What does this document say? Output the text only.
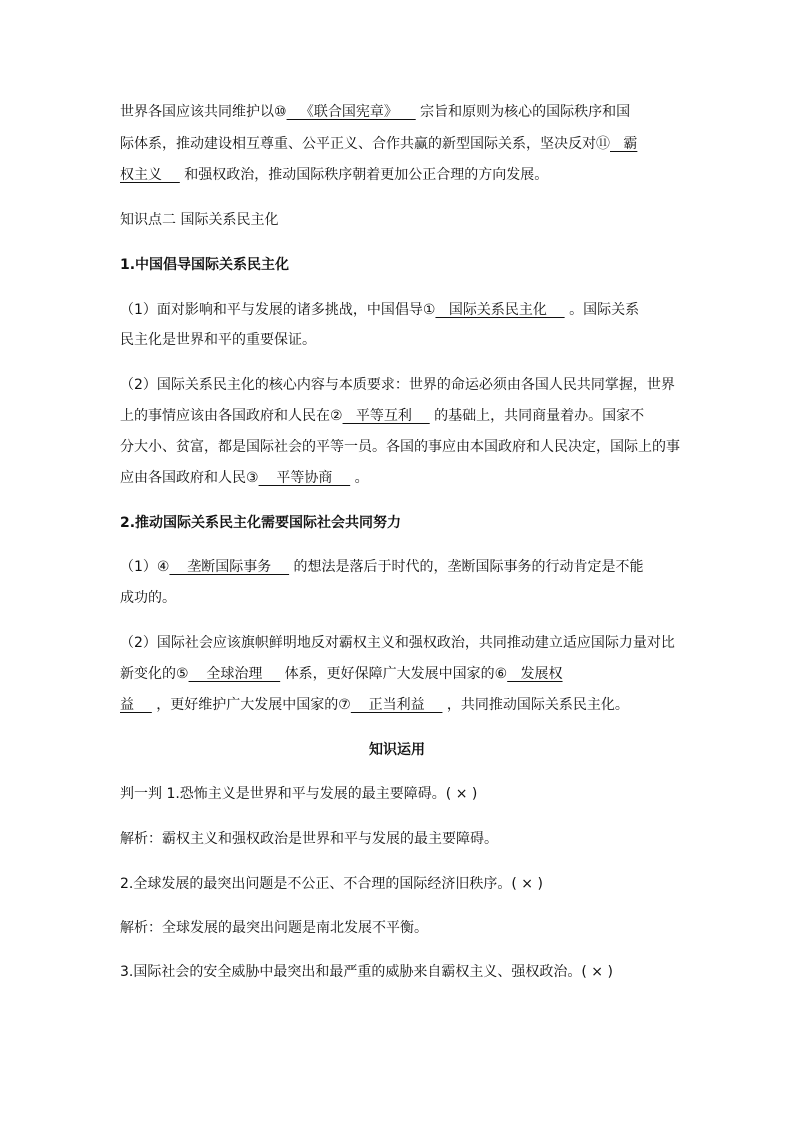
世界各国应该共同维护以⑩   《联合国宪章》     宗旨和原则为核心的国际秩序和国
际体系，推动建设相互尊重、公平正义、合作共赢的新型国际关系，坚决反对⑪   霸
权主义     和强权政治，推动国际秩序朝着更加公正合理的方向发展。
知识点二 国际关系民主化
1.中国倡导国际关系民主化
（1）面对影响和平与发展的诸多挑战，中国倡导①   国际关系民主化     。国际关系
民主化是世界和平的重要保证。
（2）国际关系民主化的核心内容与本质要求：世界的命运必须由各国人民共同掌握，世界
上的事情应该由各国政府和人民在②   平等互利     的基础上，共同商量着办。国家不
分大小、贫富，都是国际社会的平等一员。各国的事应由本国政府和人民决定，国际上的事
应由各国政府和人民③    平等协商     。
2.推动国际关系民主化需要国际社会共同努力
（1）④    垄断国际事务     的想法是落后于时代的，垄断国际事务的行动肯定是不能
成功的。
（2）国际社会应该旗帜鲜明地反对霸权主义和强权政治，共同推动建立适应国际力量对比
新变化的⑤    全球治理     体系，更好保障广大发展中国家的⑥   发展权
益     ，更好维护广大发展中国家的⑦    正当利益     ，共同推动国际关系民主化。
知识运用
判一判 1.恐怖主义是世界和平与发展的最主要障碍。( × )
解析：霸权主义和强权政治是世界和平与发展的最主要障碍。
2.全球发展的最突出问题是不公正、不合理的国际经济旧秩序。( × )
解析：全球发展的最突出问题是南北发展不平衡。
3.国际社会的安全威胁中最突出和最严重的威胁来自霸权主义、强权政治。( × )
